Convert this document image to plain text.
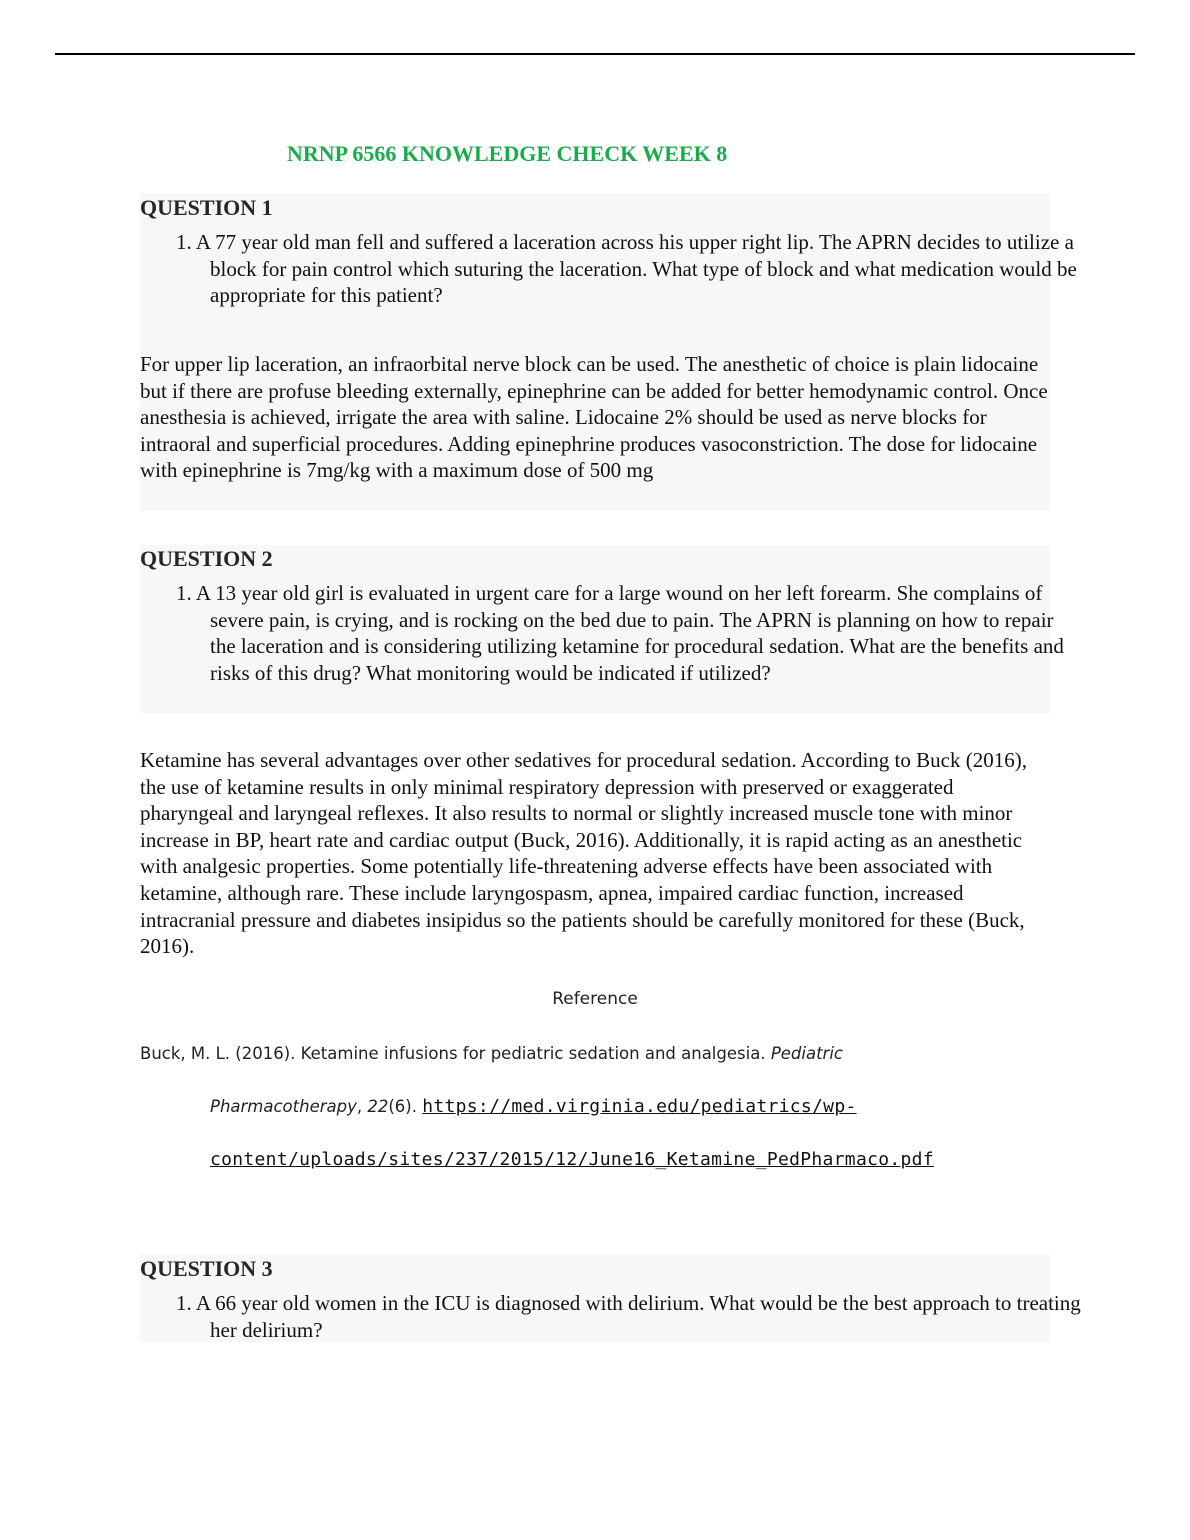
NRNP 6566 KNOWLEDGE CHECK WEEK 8
QUESTION 1
1. A 77 year old man fell and suffered a laceration across his upper right lip. The APRN decides to utilize a block for pain control which suturing the laceration. What type of block and what medication would be appropriate for this patient?
For upper lip laceration, an infraorbital nerve block can be used. The anesthetic of choice is plain lidocaine but if there are profuse bleeding externally, epinephrine can be added for better hemodynamic control. Once anesthesia is achieved, irrigate the area with saline. Lidocaine 2% should be used as nerve blocks for intraoral and superficial procedures. Adding epinephrine produces vasoconstriction. The dose for lidocaine with epinephrine is 7mg/kg with a maximum dose of 500 mg
QUESTION 2
1. A 13 year old girl is evaluated in urgent care for a large wound on her left forearm. She complains of severe pain, is crying, and is rocking on the bed due to pain. The APRN is planning on how to repair the laceration and is considering utilizing ketamine for procedural sedation. What are the benefits and risks of this drug? What monitoring would be indicated if utilized?
Ketamine has several advantages over other sedatives for procedural sedation. According to Buck (2016), the use of ketamine results in only minimal respiratory depression with preserved or exaggerated pharyngeal and laryngeal reflexes. It also results to normal or slightly increased muscle tone with minor increase in BP, heart rate and cardiac output (Buck, 2016). Additionally, it is rapid acting as an anesthetic with analgesic properties. Some potentially life-threatening adverse effects have been associated with ketamine, although rare. These include laryngospasm, apnea, impaired cardiac function, increased intracranial pressure and diabetes insipidus so the patients should be carefully monitored for these (Buck, 2016).
Reference
Buck, M. L. (2016). Ketamine infusions for pediatric sedation and analgesia. Pediatric
Pharmacotherapy, 22(6). https://med.virginia.edu/pediatrics/wp-
content/uploads/sites/237/2015/12/June16_Ketamine_PedPharmaco.pdf
QUESTION 3
1. A 66 year old women in the ICU is diagnosed with delirium. What would be the best approach to treating her delirium?
